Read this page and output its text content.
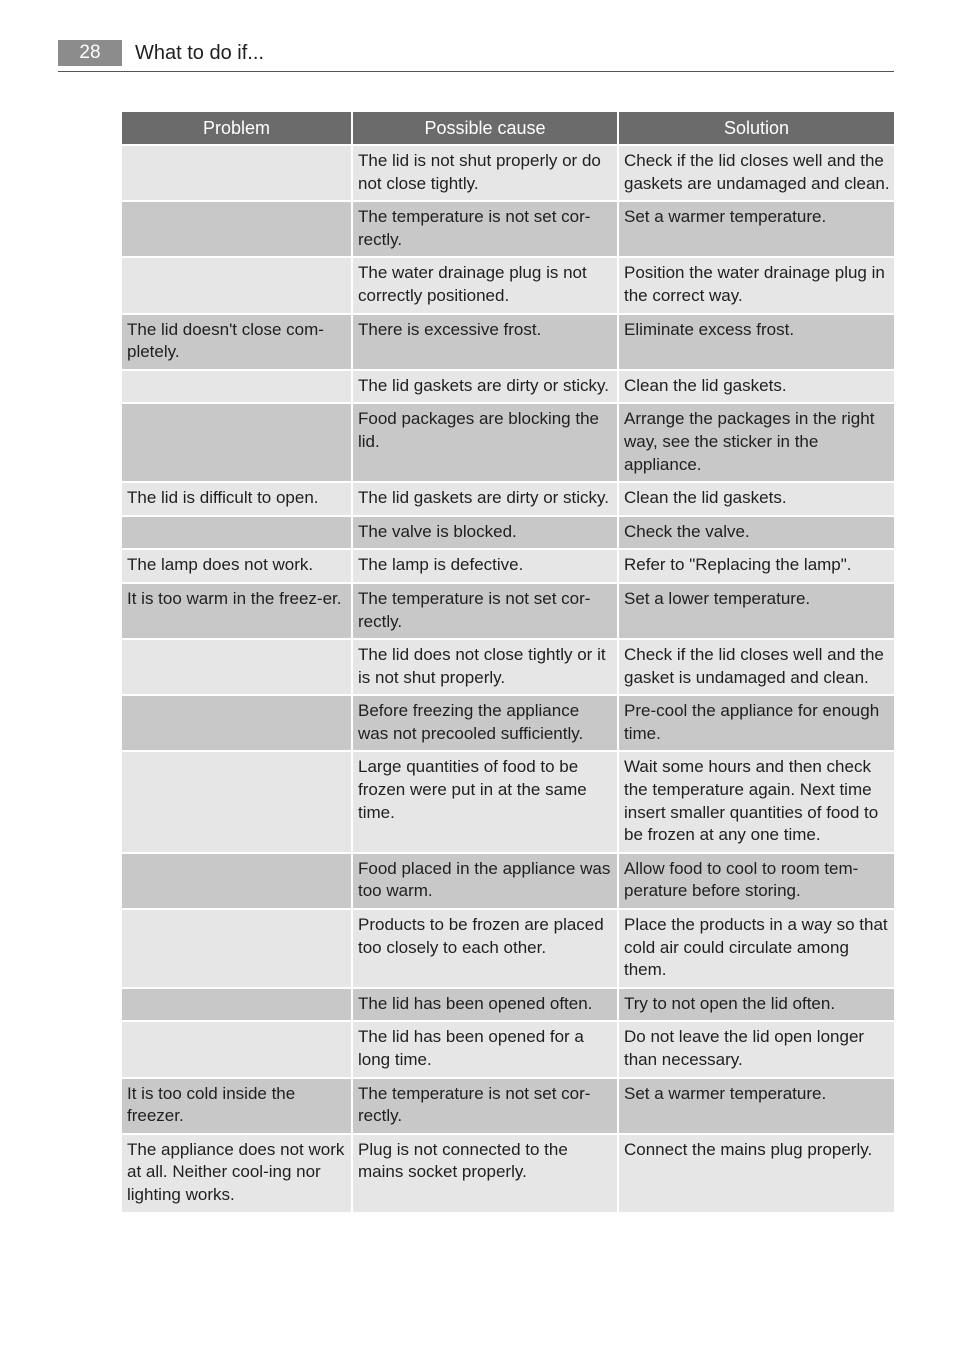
28	What to do if...
Problem	Possible cause	Solution
	The lid is not shut properly or do not close tightly.	Check if the lid closes well and the gaskets are undamaged and clean.
	The temperature is not set cor-rectly.	Set a warmer temperature.
	The water drainage plug is not correctly positioned.	Position the water drainage plug in the correct way.
The lid doesn't close com-pletely.	There is excessive frost.	Eliminate excess frost.
	The lid gaskets are dirty or sticky.	Clean the lid gaskets.
	Food packages are blocking the lid.	Arrange the packages in the right way, see the sticker in the appliance.
The lid is difficult to open.	The lid gaskets are dirty or sticky.	Clean the lid gaskets.
	The valve is blocked.	Check the valve.
The lamp does not work.	The lamp is defective.	Refer to "Replacing the lamp".
It is too warm in the freez-er.	The temperature is not set cor-rectly.	Set a lower temperature.
	The lid does not close tightly or it is not shut properly.	Check if the lid closes well and the gasket is undamaged and clean.
	Before freezing the appliance was not precooled sufficiently.	Pre-cool the appliance for enough time.
	Large quantities of food to be frozen were put in at the same time.	Wait some hours and then check the temperature again. Next time insert smaller quantities of food to be frozen at any one time.
	Food placed in the appliance was too warm.	Allow food to cool to room tem-perature before storing.
	Products to be frozen are placed too closely to each other.	Place the products in a way so that cold air could circulate among them.
	The lid has been opened often.	Try to not open the lid often.
	The lid has been opened for a long time.	Do not leave the lid open longer than necessary.
It is too cold inside the freezer.	The temperature is not set cor-rectly.	Set a warmer temperature.
The appliance does not work at all. Neither cool-ing nor lighting works.	Plug is not connected to the mains socket properly.	Connect the mains plug properly.
